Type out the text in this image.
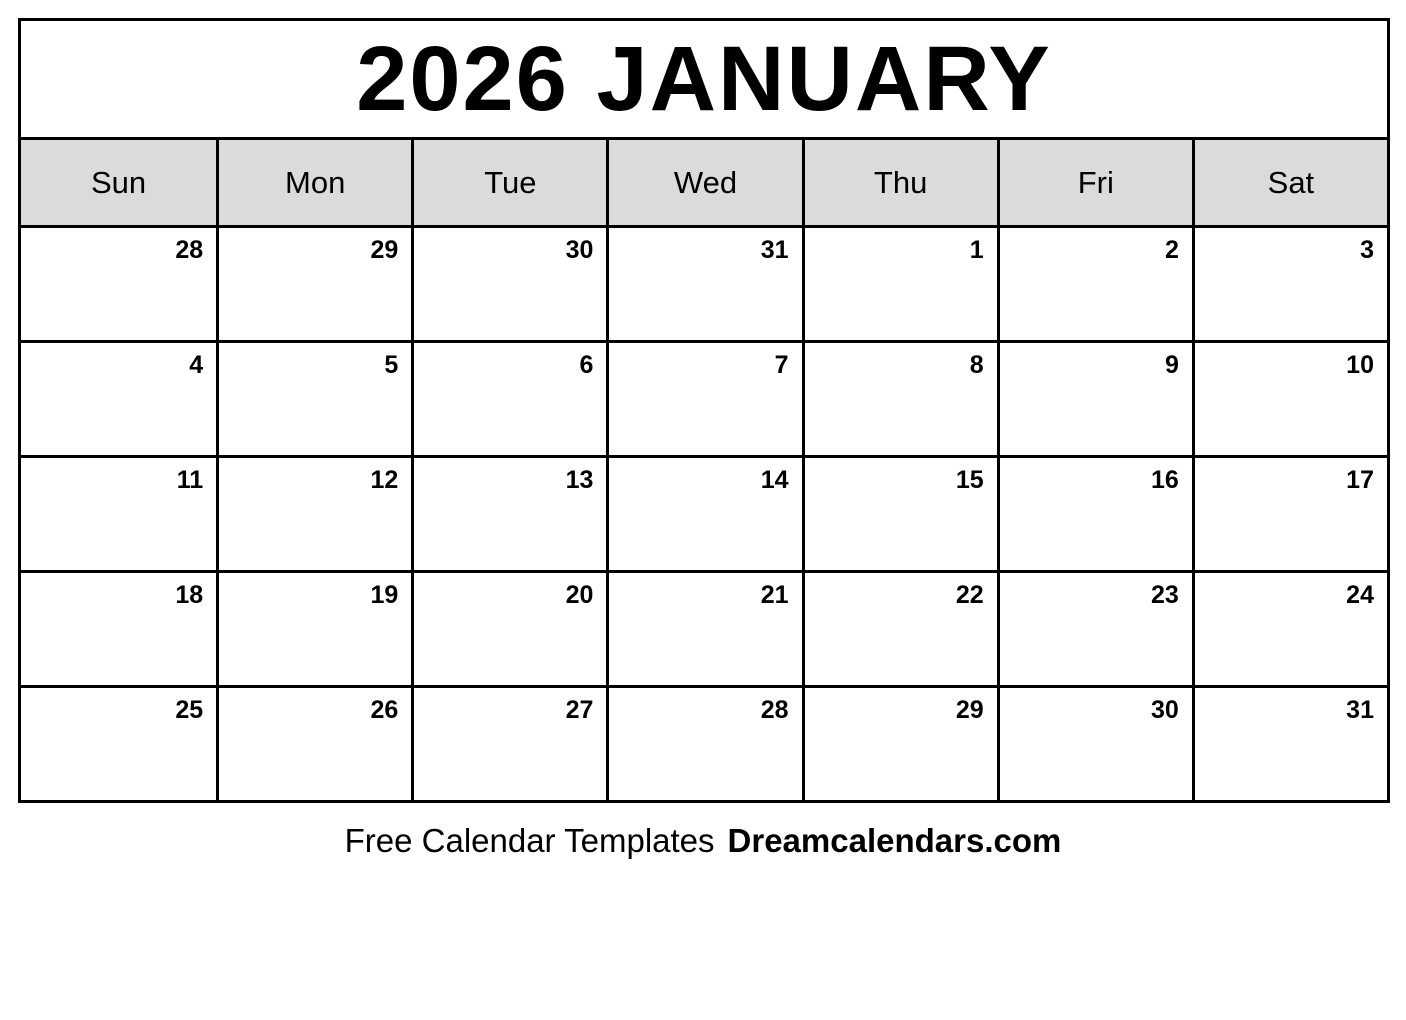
2026 JANUARY
Sun	Mon	Tue	Wed	Thu	Fri	Sat
28	29	30	31	1	2	3
4	5	6	7	8	9	10
11	12	13	14	15	16	17
18	19	20	21	22	23	24
25	26	27	28	29	30	31
Free Calendar Templates Dreamcalendars.com
